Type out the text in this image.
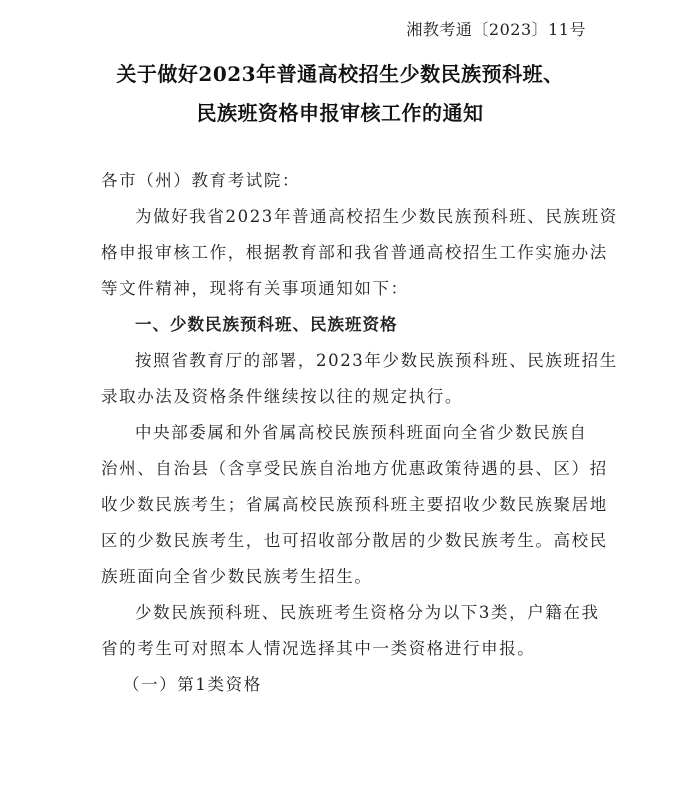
湘教考通〔2023〕11号
关于做好2023年普通高校招生少数民族预科班、
民族班资格申报审核工作的通知
各市（州）教育考试院：
为做好我省2023年普通高校招生少数民族预科班、民族班资
格申报审核工作，根据教育部和我省普通高校招生工作实施办法
等文件精神，现将有关事项通知如下：
一、少数民族预科班、民族班资格
按照省教育厅的部署，2023年少数民族预科班、民族班招生
录取办法及资格条件继续按以往的规定执行。
中央部委属和外省属高校民族预科班面向全省少数民族自
治州、自治县（含享受民族自治地方优惠政策待遇的县、区）招
收少数民族考生；省属高校民族预科班主要招收少数民族聚居地
区的少数民族考生，也可招收部分散居的少数民族考生。高校民
族班面向全省少数民族考生招生。
少数民族预科班、民族班考生资格分为以下3类，户籍在我
省的考生可对照本人情况选择其中一类资格进行申报。
（一）第1类资格
